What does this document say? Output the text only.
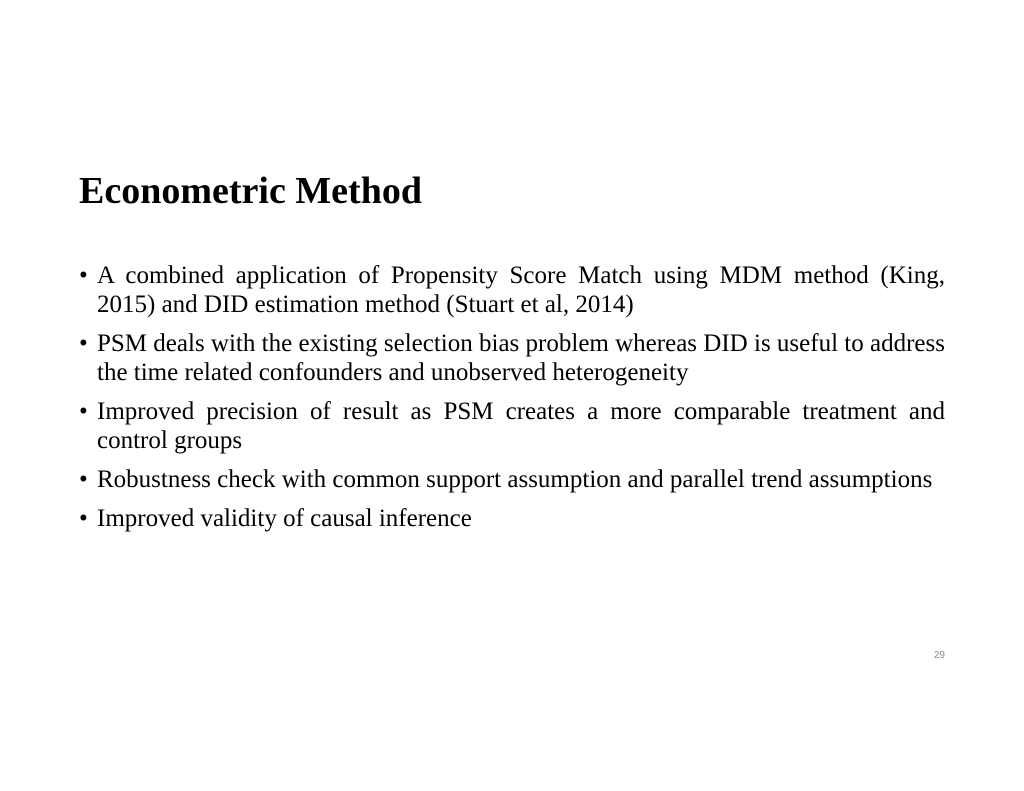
Econometric Method
• A combined application of Propensity Score Match using MDM method (King, 2015) and DID estimation method (Stuart et al, 2014)
• PSM deals with the existing selection bias problem whereas DID is useful to address the time related confounders and unobserved heterogeneity
• Improved precision of result as PSM creates a more comparable treatment and control groups
• Robustness check with common support assumption and parallel trend assumptions
• Improved validity of causal inference
29
